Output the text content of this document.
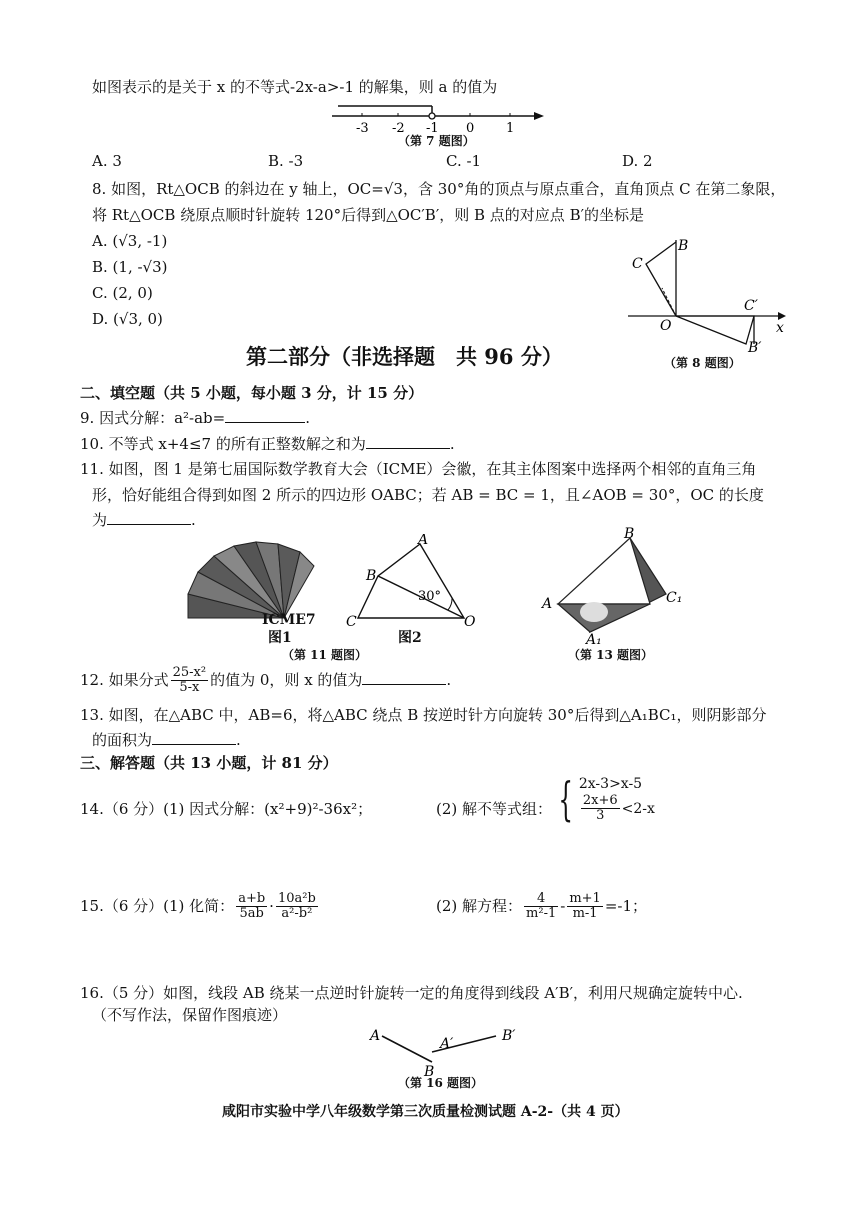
如图表示的是关于 x 的不等式-2x-a>-1 的解集，则 a 的值为
-3 -2 -1 0 1
（第 7 题图）
A. 3	B. -3	C. -1	D. 2
8. 如图，Rt△OCB 的斜边在 y 轴上，OC=√3，含 30°角的顶点与原点重合，直角顶点 C 在第二象限，
将 Rt△OCB 绕原点顺时针旋转 120°后得到△OC′B′，则 B 点的对应点 B′的坐标是
A. (√3, -1)
B. (1, -√3)
C. (2, 0)
D. (√3, 0)
B
C
O
C′
B′
x
（第 8 题图）
第二部分（非选择题　共 96 分）
二、填空题（共 5 小题，每小题 3 分，计 15 分）
9. 因式分解：a²-ab=	.
10. 不等式 x+4≤7 的所有正整数解之和为	.
11. 如图，图 1 是第七届国际数学教育大会（ICME）会徽，在其主体图案中选择两个相邻的直角三角
形，恰好能组合得到如图 2 所示的四边形 OABC；若 AB = BC = 1，且∠AOB = 30°，OC 的长度
为	.
ICME7
图1
A
B
C	O
30°
图2
（第 11 题图）
B
A	C₁
A₁
（第 13 题图）
12. 如果分式 $\frac{\text{25-x²}}{5-x}$ 的值为 0，则 x 的值为	.
13. 如图，在△ABC 中，AB=6，将△ABC 绕点 B 按逆时针方向旋转 30°后得到△A₁BC₁，则阴影部分
的面积为	.
三、解答题（共 13 小题，计 81 分）
14.（6 分）(1) 因式分解：(x²+9)²-36x²；	(2) 解不等式组： { 2x-3>x-5
$\frac{2x+6}{3} <2-x$
15.（6 分）(1) 化简： $\frac{a+b}{5ab} \cdot \frac{\text{10a²b}}{\text{a²-b²}}$	(2) 解方程： $\frac{4}{\text{m²-1}} - \frac{m+1}{m-1} =-1$；
16.（5 分）如图，线段 AB 绕某一点逆时针旋转一定的角度得到线段 A′B′，利用尺规确定旋转中心.
（不写作法，保留作图痕迹）
A
B
A′	B′
（第 16 题图）
咸阳市实验中学八年级数学第三次质量检测试题 A-2-（共 4 页）
